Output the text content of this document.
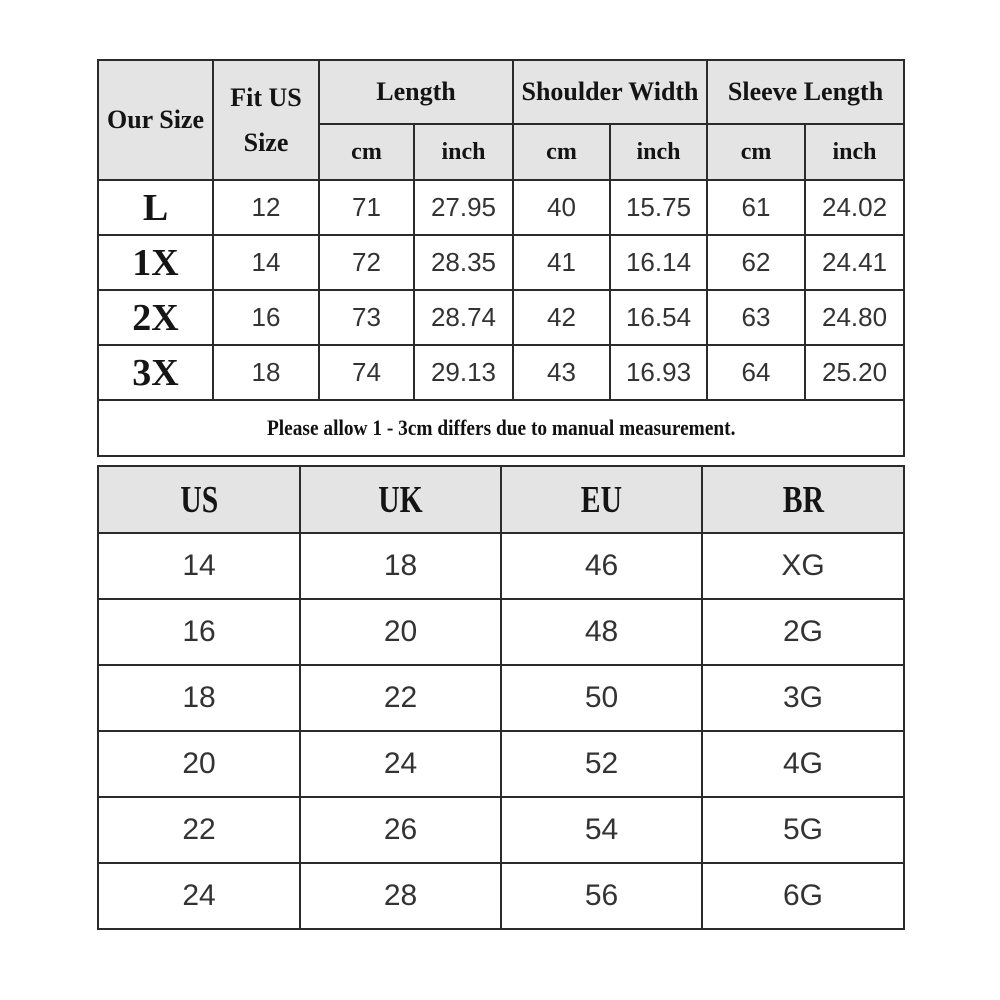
Our Size	Fit US Size	Length		Shoulder Width		Sleeve Length	
		cm	inch	cm	inch	cm	inch
L	12	71	27.95	40	15.75	61	24.02
1X	14	72	28.35	41	16.14	62	24.41
2X	16	73	28.74	42	16.54	63	24.80
3X	18	74	29.13	43	16.93	64	25.20
Please allow 1 - 3cm differs due to manual measurement.							
US	UK	EU	BR
14	18	46	XG
16	20	48	2G
18	22	50	3G
20	24	52	4G
22	26	54	5G
24	28	56	6G
